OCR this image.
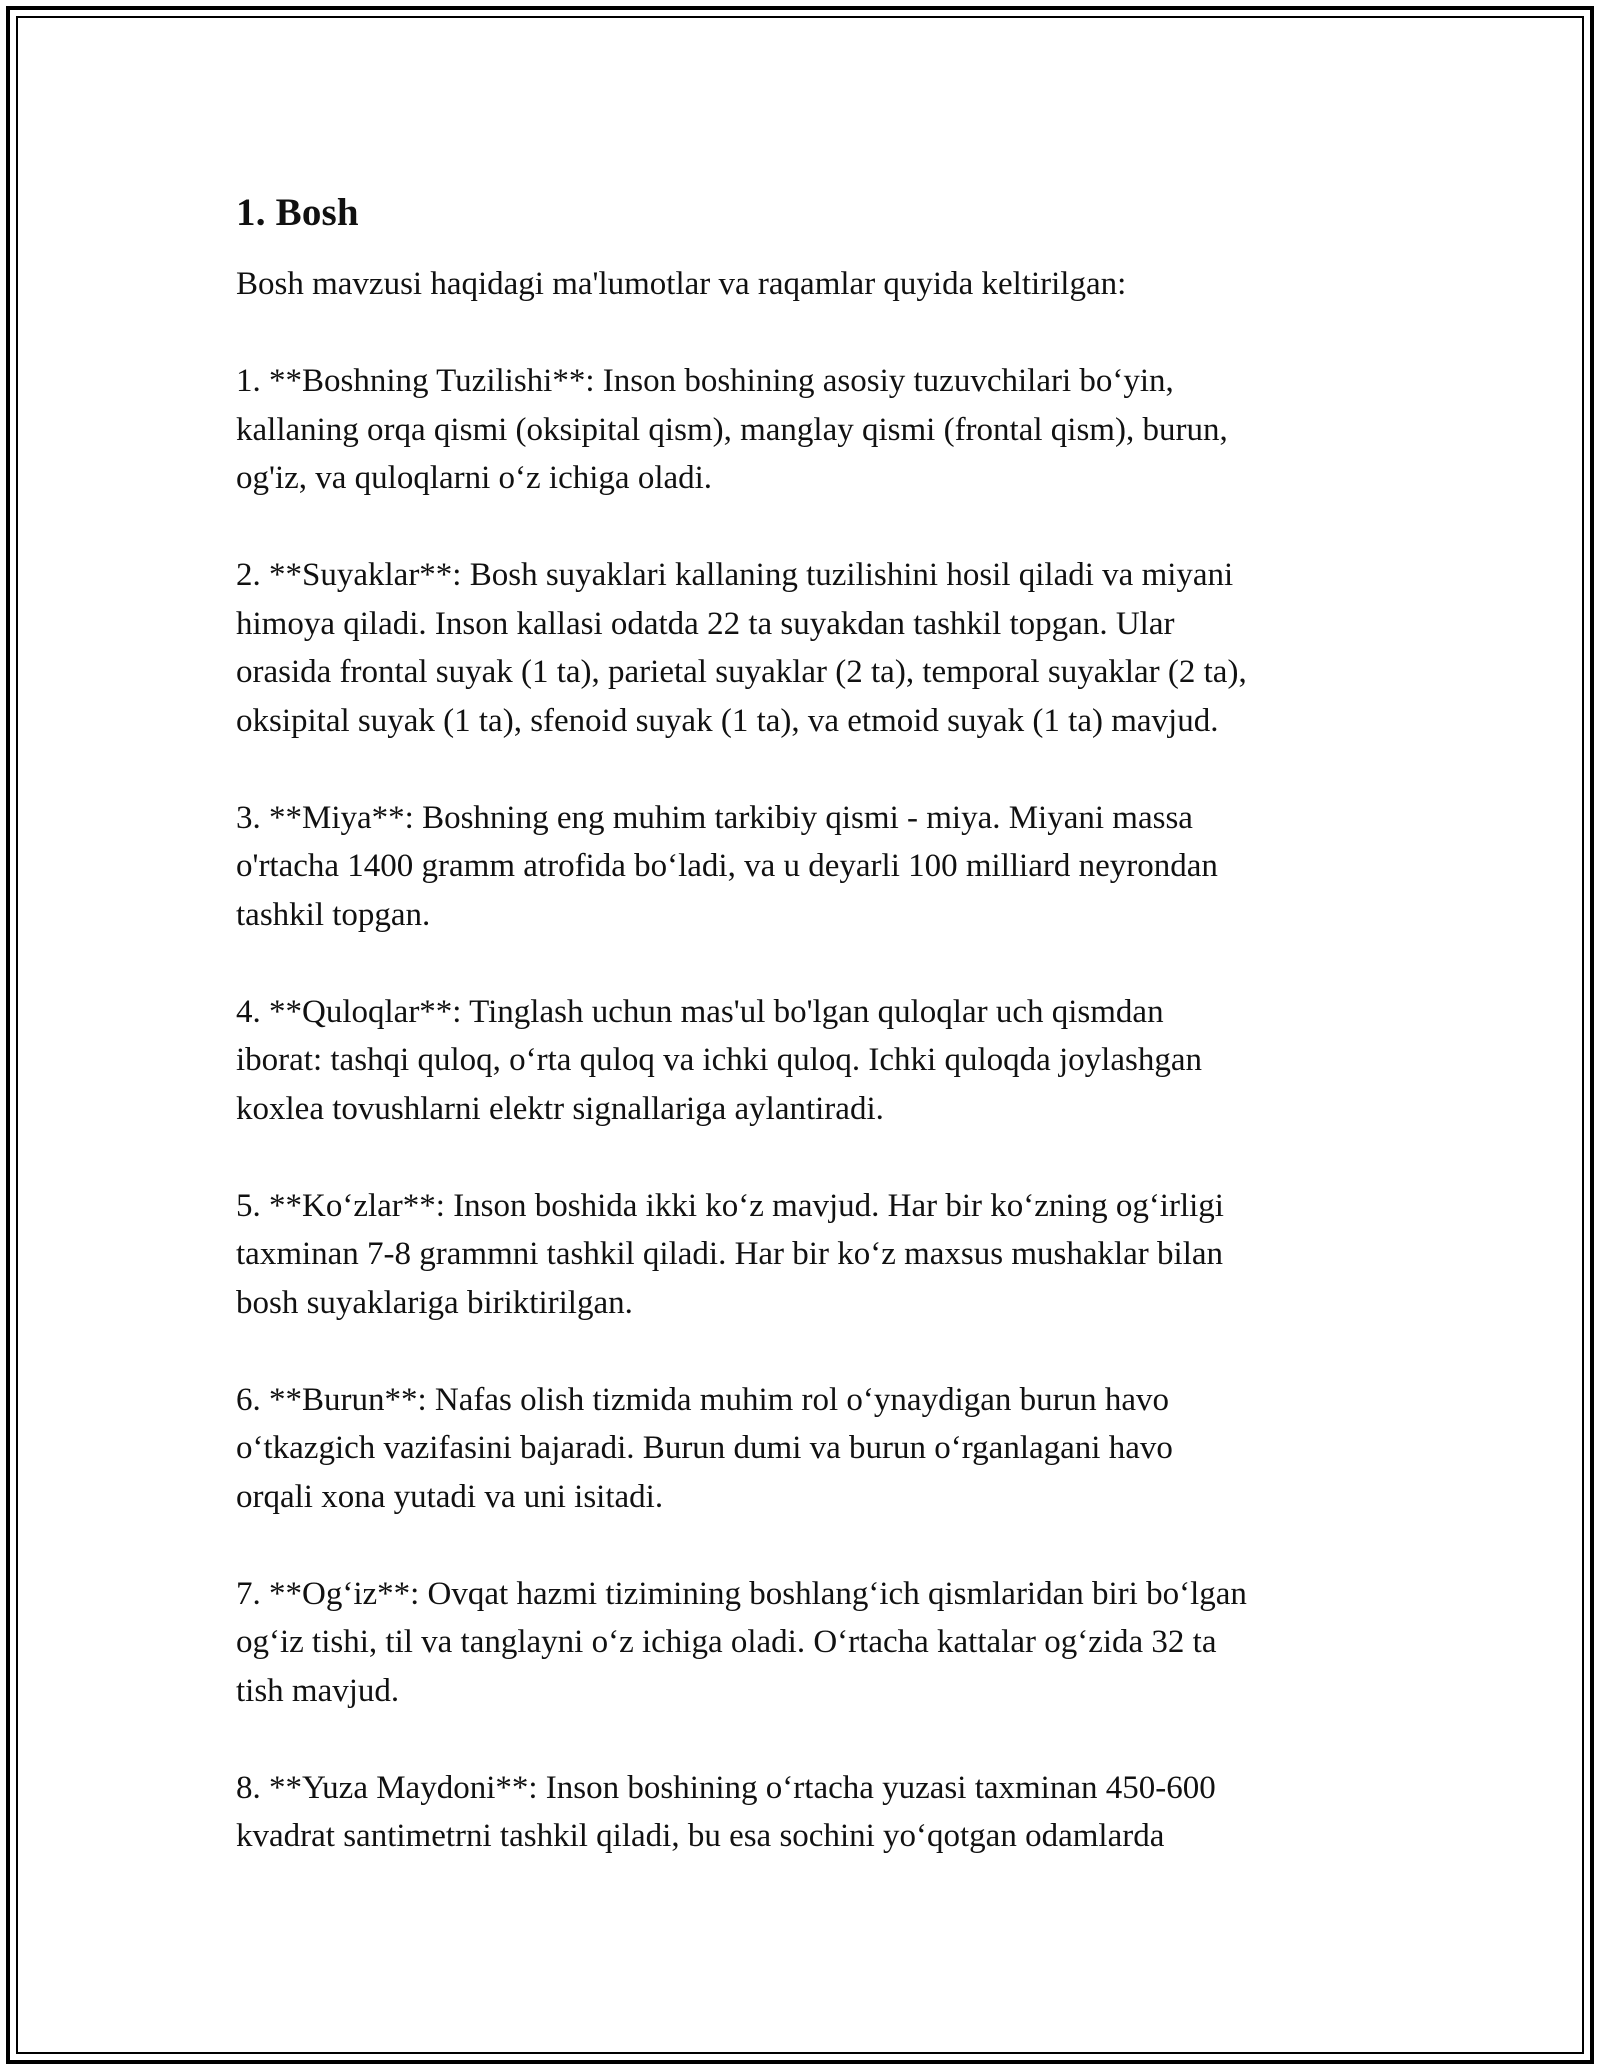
1. Bosh

Bosh mavzusi haqidagi ma'lumotlar va raqamlar quyida keltirilgan:

1. **Boshning Tuzilishi**: Inson boshining asosiy tuzuvchilari bo‘yin,
kallaning orqa qismi (oksipital qism), manglay qismi (frontal qism), burun,
og'iz, va quloqlarni o‘z ichiga oladi.

2. **Suyaklar**: Bosh suyaklari kallaning tuzilishini hosil qiladi va miyani
himoya qiladi. Inson kallasi odatda 22 ta suyakdan tashkil topgan. Ular
orasida frontal suyak (1 ta), parietal suyaklar (2 ta), temporal suyaklar (2 ta),
oksipital suyak (1 ta), sfenoid suyak (1 ta), va etmoid suyak (1 ta) mavjud.

3. **Miya**: Boshning eng muhim tarkibiy qismi - miya. Miyani massa
o'rtacha 1400 gramm atrofida bo‘ladi, va u deyarli 100 milliard neyrondan
tashkil topgan.

4. **Quloqlar**: Tinglash uchun mas'ul bo'lgan quloqlar uch qismdan
iborat: tashqi quloq, o‘rta quloq va ichki quloq. Ichki quloqda joylashgan
koxlea tovushlarni elektr signallariga aylantiradi.

5. **Ko‘zlar**: Inson boshida ikki ko‘z mavjud. Har bir ko‘zning og‘irligi
taxminan 7-8 grammni tashkil qiladi. Har bir ko‘z maxsus mushaklar bilan
bosh suyaklariga biriktirilgan.

6. **Burun**: Nafas olish tizmida muhim rol o‘ynaydigan burun havo
o‘tkazgich vazifasini bajaradi. Burun dumi va burun o‘rganlagani havo
orqali xona yutadi va uni isitadi.

7. **Og‘iz**: Ovqat hazmi tizimining boshlang‘ich qismlaridan biri bo‘lgan
og‘iz tishi, til va tanglayni o‘z ichiga oladi. O‘rtacha kattalar og‘zida 32 ta
tish mavjud.

8. **Yuza Maydoni**: Inson boshining o‘rtacha yuzasi taxminan 450-600
kvadrat santimetrni tashkil qiladi, bu esa sochini yo‘qotgan odamlarda
